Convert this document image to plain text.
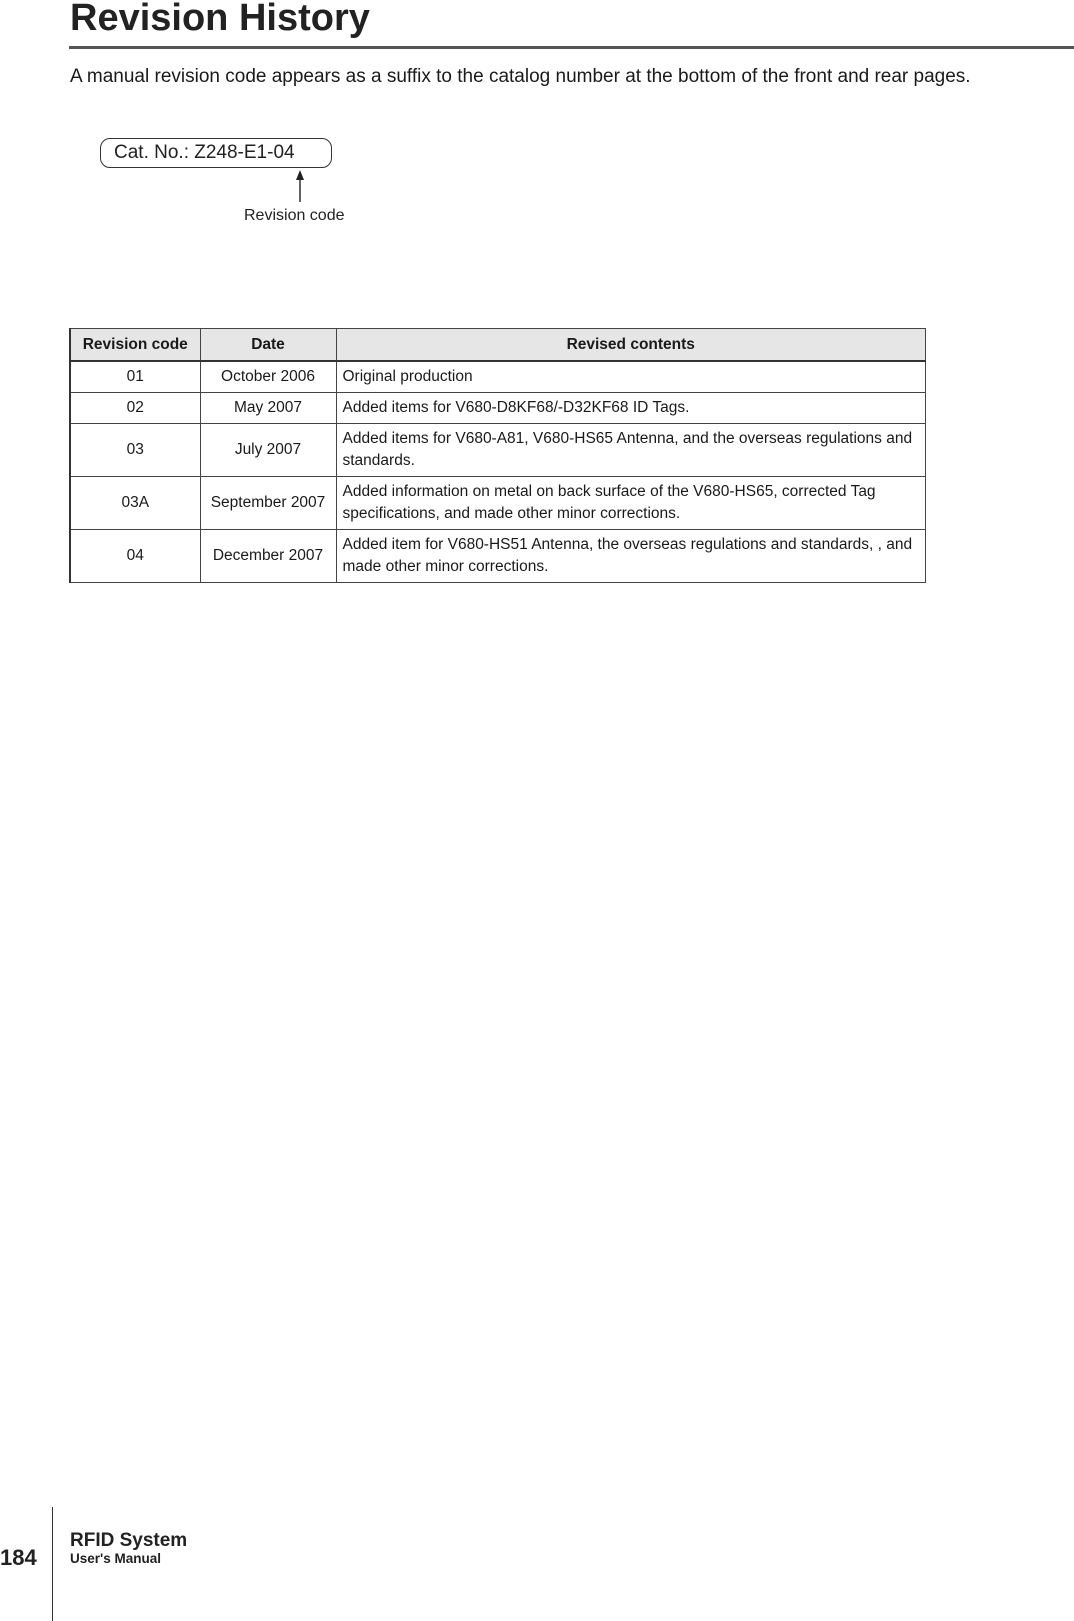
Revision History

A manual revision code appears as a suffix to the catalog number at the bottom of the front and rear pages.

Cat. No.: Z248-E1-04
Revision code
Revision code	Date	Revised contents
01	October 2006	Original production
02	May 2007	Added items for V680-D8KF68/-D32KF68 ID Tags.
03	July 2007	Added items for V680-A81, V680-HS65 Antenna, and the overseas regulations and standards.
03A	September 2007	Added information on metal on back surface of the V680-HS65, corrected Tag specifications, and made other minor corrections.
04	December 2007	Added item for V680-HS51 Antenna, the overseas regulations and standards, , and made other minor corrections.
184
RFID System
User's Manual
